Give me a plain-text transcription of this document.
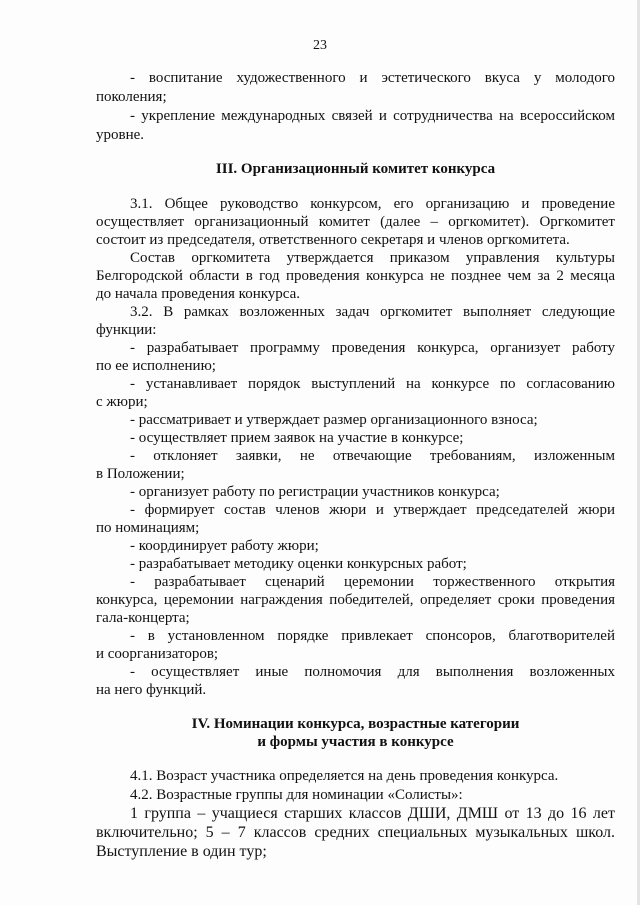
23
- воспитание художественного и эстетического вкуса у молодого
поколения;
- укрепление международных связей и сотрудничества на всероссийском
уровне.
III. Организационный комитет конкурса
3.1. Общее руководство конкурсом, его организацию и проведение
осуществляет организационный комитет (далее – оргкомитет). Оргкомитет
состоит из председателя, ответственного секретаря и членов оргкомитета.
Состав оргкомитета утверждается приказом управления культуры
Белгородской области в год проведения конкурса не позднее чем за 2 месяца
до начала проведения конкурса.
3.2. В рамках возложенных задач оргкомитет выполняет следующие
функции:
- разрабатывает программу проведения конкурса, организует работу
по ее исполнению;
- устанавливает порядок выступлений на конкурсе по согласованию
с жюри;
- рассматривает и утверждает размер организационного взноса;
- осуществляет прием заявок на участие в конкурсе;
- отклоняет заявки, не отвечающие требованиям, изложенным
в Положении;
- организует работу по регистрации участников конкурса;
- формирует состав членов жюри и утверждает председателей жюри
по номинациям;
- координирует работу жюри;
- разрабатывает методику оценки конкурсных работ;
- разрабатывает сценарий церемонии торжественного открытия
конкурса, церемонии награждения победителей, определяет сроки проведения
гала-концерта;
- в установленном порядке привлекает спонсоров, благотворителей
и соорганизаторов;
- осуществляет иные полномочия для выполнения возложенных
на него функций.
IV. Номинации конкурса, возрастные категории
и формы участия в конкурсе
4.1. Возраст участника определяется на день проведения конкурса.
4.2. Возрастные группы для номинации «Солисты»:
1 группа – учащиеся старших классов ДШИ, ДМШ от 13 до 16 лет
включительно; 5 – 7 классов средних специальных музыкальных школ.
Выступление в один тур;
